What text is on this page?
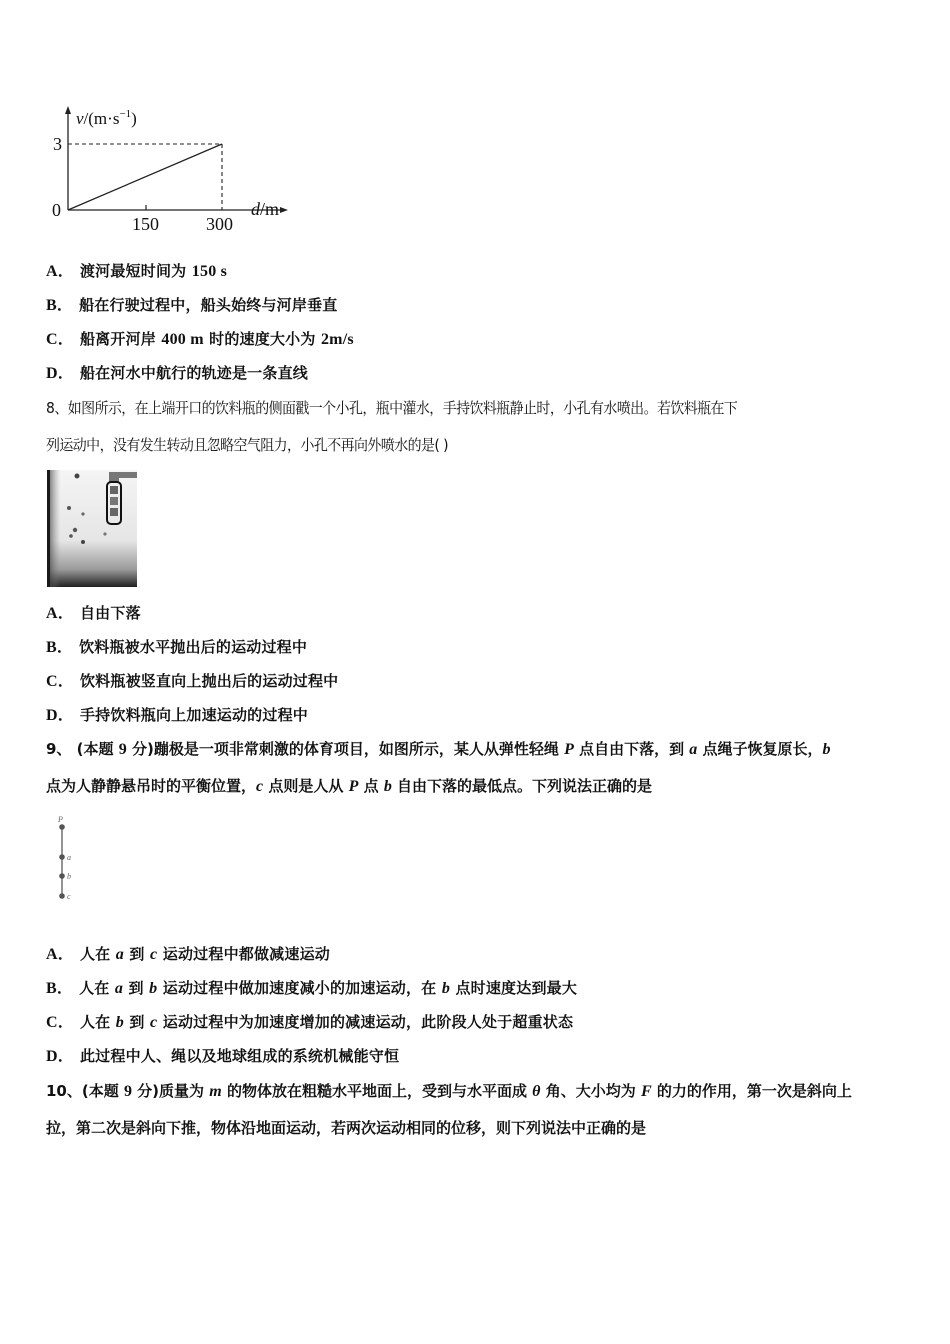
$v/(m\cdot s^{-1})$
3
0
150	300
d/m
A． 渡河最短时间为 150 s
B． 船在行驶过程中，船头始终与河岸垂直
C． 船离开河岸 400 m 时的速度大小为 2m/s
D． 船在河水中航行的轨迹是一条直线
8、如图所示，在上端开口的饮料瓶的侧面戳一个小孔，瓶中灌水，手持饮料瓶静止时，小孔有水喷出。若饮料瓶在下
列运动中，没有发生转动且忽略空气阻力，小孔不再向外喷水的是( )
A． 自由下落
B． 饮料瓶被水平抛出后的运动过程中
C． 饮料瓶被竖直向上抛出后的运动过程中
D． 手持饮料瓶向上加速运动的过程中
9、 (本题 9 分)蹦极是一项非常刺激的体育项目，如图所示，某人从弹性轻绳 P 点自由下落，到 a 点绳子恢复原长，b
点为人静静悬吊时的平衡位置，c 点则是人从 P 点 b 自由下落的最低点。下列说法正确的是
P
a
b
c
A． 人在 a 到 c 运动过程中都做减速运动
B． 人在 a 到 b 运动过程中做加速度减小的加速运动，在 b 点时速度达到最大
C． 人在 b 到 c 运动过程中为加速度增加的减速运动，此阶段人处于超重状态
D． 此过程中人、绳以及地球组成的系统机械能守恒
10、(本题 9 分)质量为 m 的物体放在粗糙水平地面上，受到与水平面成 θ 角、大小均为 F 的力的作用，第一次是斜向上
拉，第二次是斜向下推，物体沿地面运动，若两次运动相同的位移，则下列说法中正确的是
